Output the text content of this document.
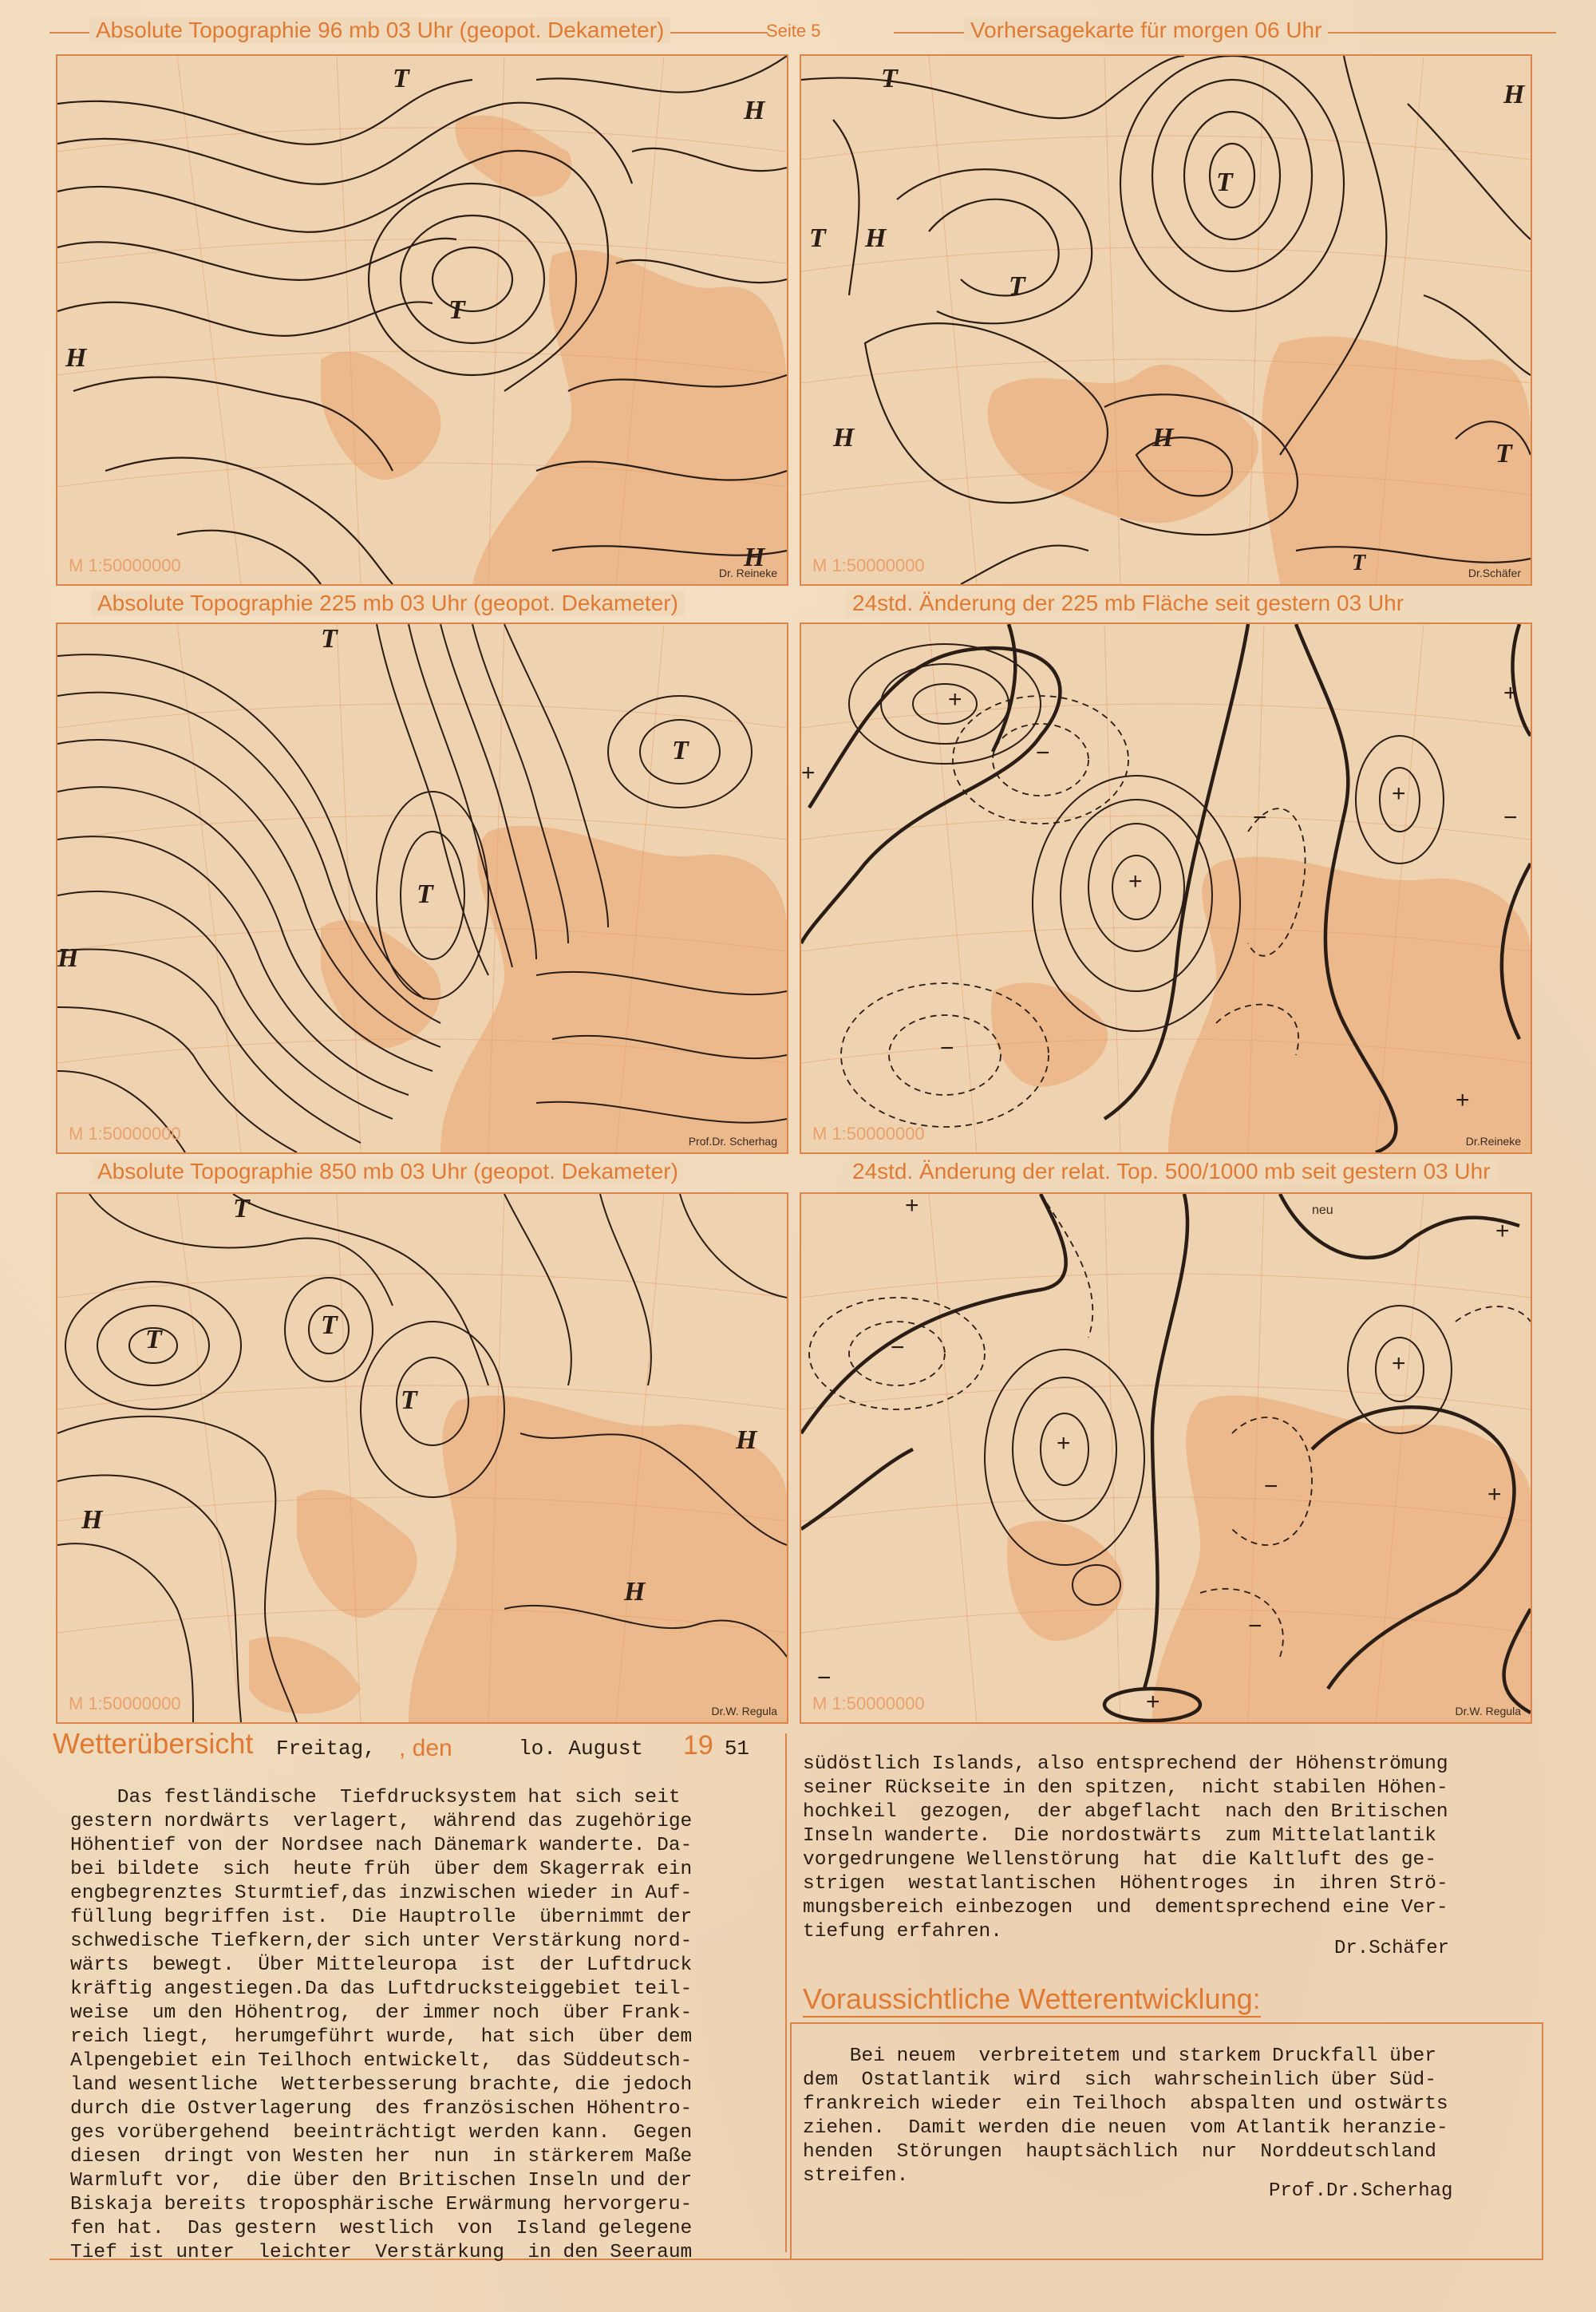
Absolute Topographie 96 mb 03 Uhr (geopot. Dekameter)	Seite 5	Vorhersagekarte für morgen 06 Uhr
T
H
H
T
H
M 1:50000000	Dr. Reineke
T
T H
T
T
H
H	H
T
T
M 1:50000000	Dr.Schäfer
Absolute Topographie 225 mb 03 Uhr (geopot. Dekameter)	24std. Änderung der 225 mb Fläche seit gestern 03 Uhr
T
T
T
H
M 1:50000000	Prof.Dr. Scherhag
+
+
+
+
+
+
−
−	−
−
M 1:50000000	Dr.Reineke
Absolute Topographie 850 mb 03 Uhr (geopot. Dekameter)	24std. Änderung der relat. Top. 500/1000 mb seit gestern 03 Uhr
T	T
T
T
H
H
H
M 1:50000000	Dr.W. Regula
+
+
+
+
+
+
−
−
−
−
neu
M 1:50000000	Dr.W. Regula
Wetterübersicht Freitag, , den	lo. August 19 51
Das festländische  Tiefdrucksystem hat sich seit
gestern nordwärts  verlagert,  während das zugehörige
Höhentief von der Nordsee nach Dänemark wanderte. Da-
bei bildete  sich  heute früh  über dem Skagerrak ein
engbegrenztes Sturmtief,das inzwischen wieder in Auf-
füllung begriffen ist.  Die Hauptrolle  übernimmt der
schwedische Tiefkern,der sich unter Verstärkung nord-
wärts  bewegt.  Über Mitteleuropa  ist  der Luftdruck
kräftig angestiegen.Da das Luftdrucksteiggebiet teil-
weise  um den Höhentrog,  der immer noch  über Frank-
reich liegt,  herumgeführt wurde,  hat sich  über dem
Alpengebiet ein Teilhoch entwickelt,  das Süddeutsch-
land wesentliche  Wetterbesserung brachte, die jedoch
durch die Ostverlagerung  des französischen Höhentro-
ges vorübergehend  beeinträchtigt werden kann.  Gegen
diesen  dringt von Westen her  nun  in stärkerem Maße
Warmluft vor,  die über den Britischen Inseln und der
Biskaja bereits troposphärische Erwärmung hervorgeru-
fen hat.  Das gestern  westlich  von  Island gelegene
Tief ist unter  leichter  Verstärkung  in den Seeraum
südöstlich Islands, also entsprechend der Höhenströmung
seiner Rückseite in den spitzen,  nicht stabilen Höhen-
hochkeil  gezogen,  der abgeflacht  nach den Britischen
Inseln wanderte.  Die nordostwärts  zum Mittelatlantik
vorgedrungene Wellenstörung  hat  die Kaltluft des ge-
strigen  westatlantischen  Höhentroges  in  ihren Strö-
mungsbereich einbezogen  und  dementsprechend eine Ver-
tiefung erfahren.
Dr.Schäfer
Voraussichtliche Wetterentwicklung:
Bei neuem  verbreitetem und starkem Druckfall über
dem  Ostatlantik  wird  sich  wahrscheinlich über Süd-
frankreich wieder  ein Teilhoch  abspalten und ostwärts
ziehen.  Damit werden die neuen  vom Atlantik heranzie-
henden  Störungen  hauptsächlich  nur  Norddeutschland
streifen.
Prof.Dr.Scherhag
